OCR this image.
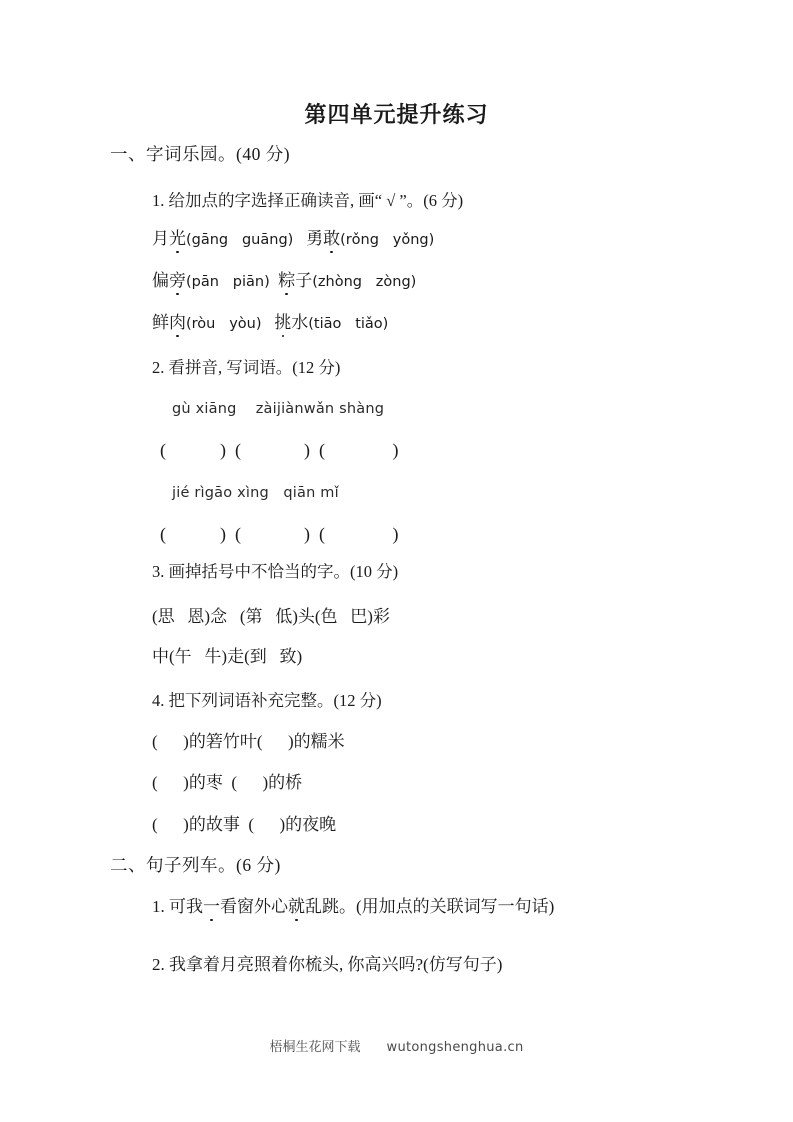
第四单元提升练习
一、字词乐园。(40 分)
1. 给加点的字选择正确读音, 画“ √ ”。(6 分)
月光(gāng   guāng) 勇敢(rǒng   yǒng)
偏旁(pān   piān) 粽子(zhòng   zòng)
鲜肉(ròu   yòu) 挑水(tiāo   tiǎo)
2. 看拼音, 写词语。(12 分)
gù xiāng    zàijiànwǎn shàng
(            )  (              )  (               )
jié rìgāo xìng   qiān mǐ
(            )  (              )  (               )
3. 画掉括号中不恰当的字。(10 分)
(思   恩)念   (第   低)头(色   巴)彩
中(午   牛)走(到   致)
4. 把下列词语补充完整。(12 分)
(      )的箬竹叶(      )的糯米
(      )的枣  (      )的桥
(      )的故事  (      )的夜晚
二、句子列车。(6 分)
1. 可我一看窗外心就乱跳。(用加点的关联词写一句话)
2. 我拿着月亮照着你梳头, 你高兴吗?(仿写句子)
梧桐生花网下载 wutongshenghua.cn
